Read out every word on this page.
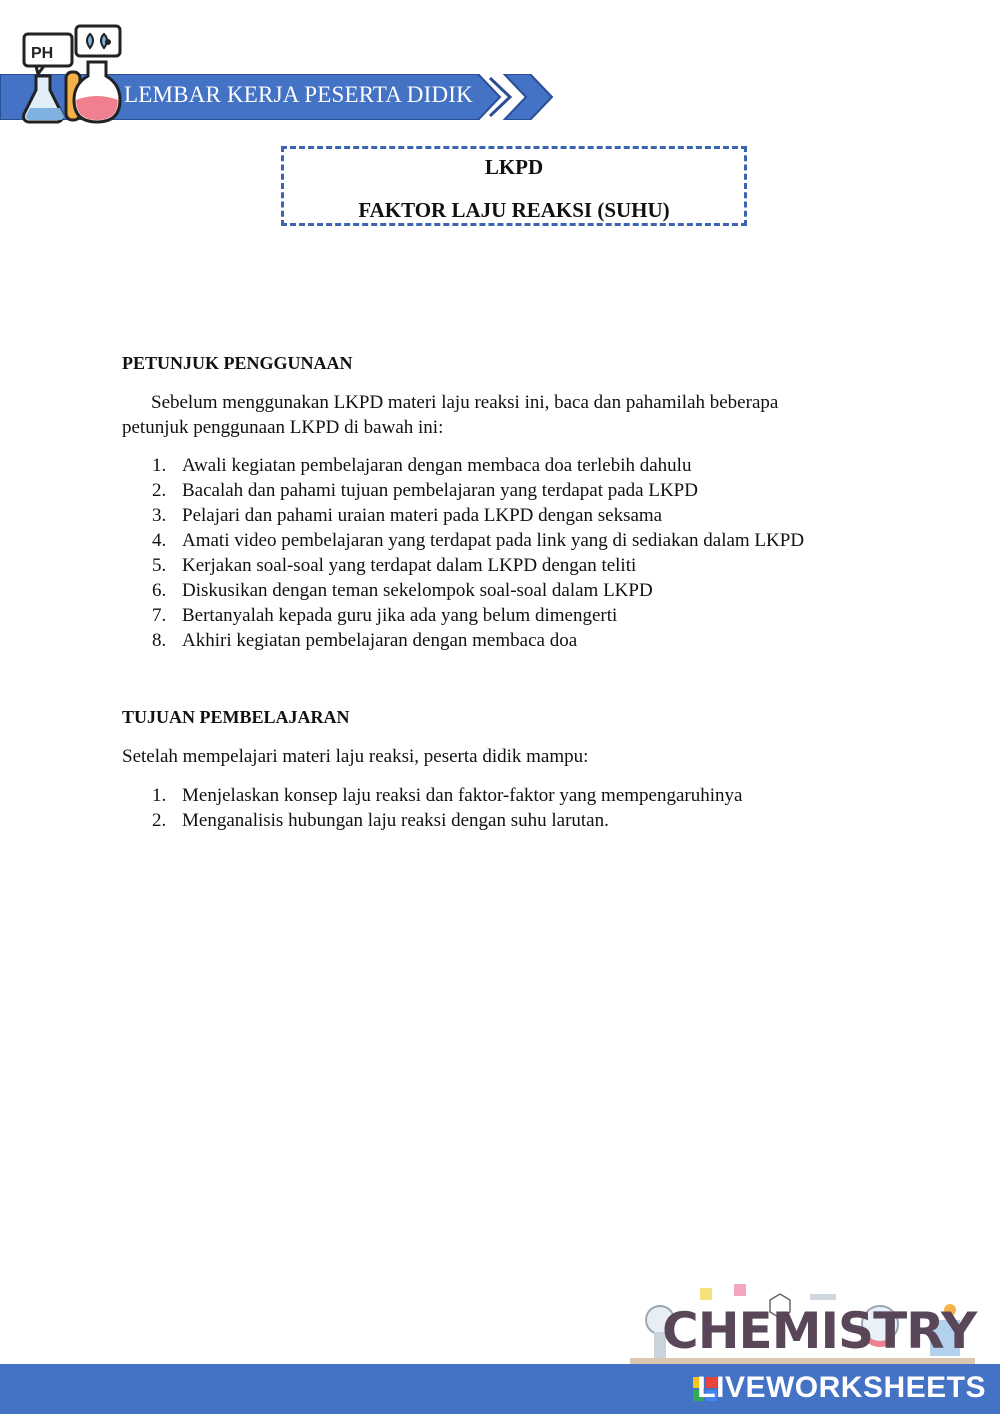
PH
LEMBAR KERJA PESERTA DIDIK
LKPD
FAKTOR LAJU REAKSI (SUHU)
PETUNJUK PENGGUNAAN
Sebelum menggunakan LKPD materi laju reaksi ini, baca dan pahamilah beberapa
petunjuk penggunaan LKPD di bawah ini:
1. Awali kegiatan pembelajaran dengan membaca doa terlebih dahulu
2. Bacalah dan pahami tujuan pembelajaran yang terdapat pada LKPD
3. Pelajari dan pahami uraian materi pada LKPD dengan seksama
4. Amati video pembelajaran yang terdapat pada link yang di sediakan dalam LKPD
5. Kerjakan soal-soal yang terdapat dalam LKPD dengan teliti
6. Diskusikan dengan teman sekelompok soal-soal dalam LKPD
7. Bertanyalah kepada guru jika ada yang belum dimengerti
8. Akhiri kegiatan pembelajaran dengan membaca doa
TUJUAN PEMBELAJARAN
Setelah mempelajari materi laju reaksi, peserta didik mampu:
1. Menjelaskan konsep laju reaksi dan faktor-faktor yang mempengaruhinya
2. Menganalisis hubungan laju reaksi dengan suhu larutan.
CHEMISTRY
LIVEWORKSHEETS
